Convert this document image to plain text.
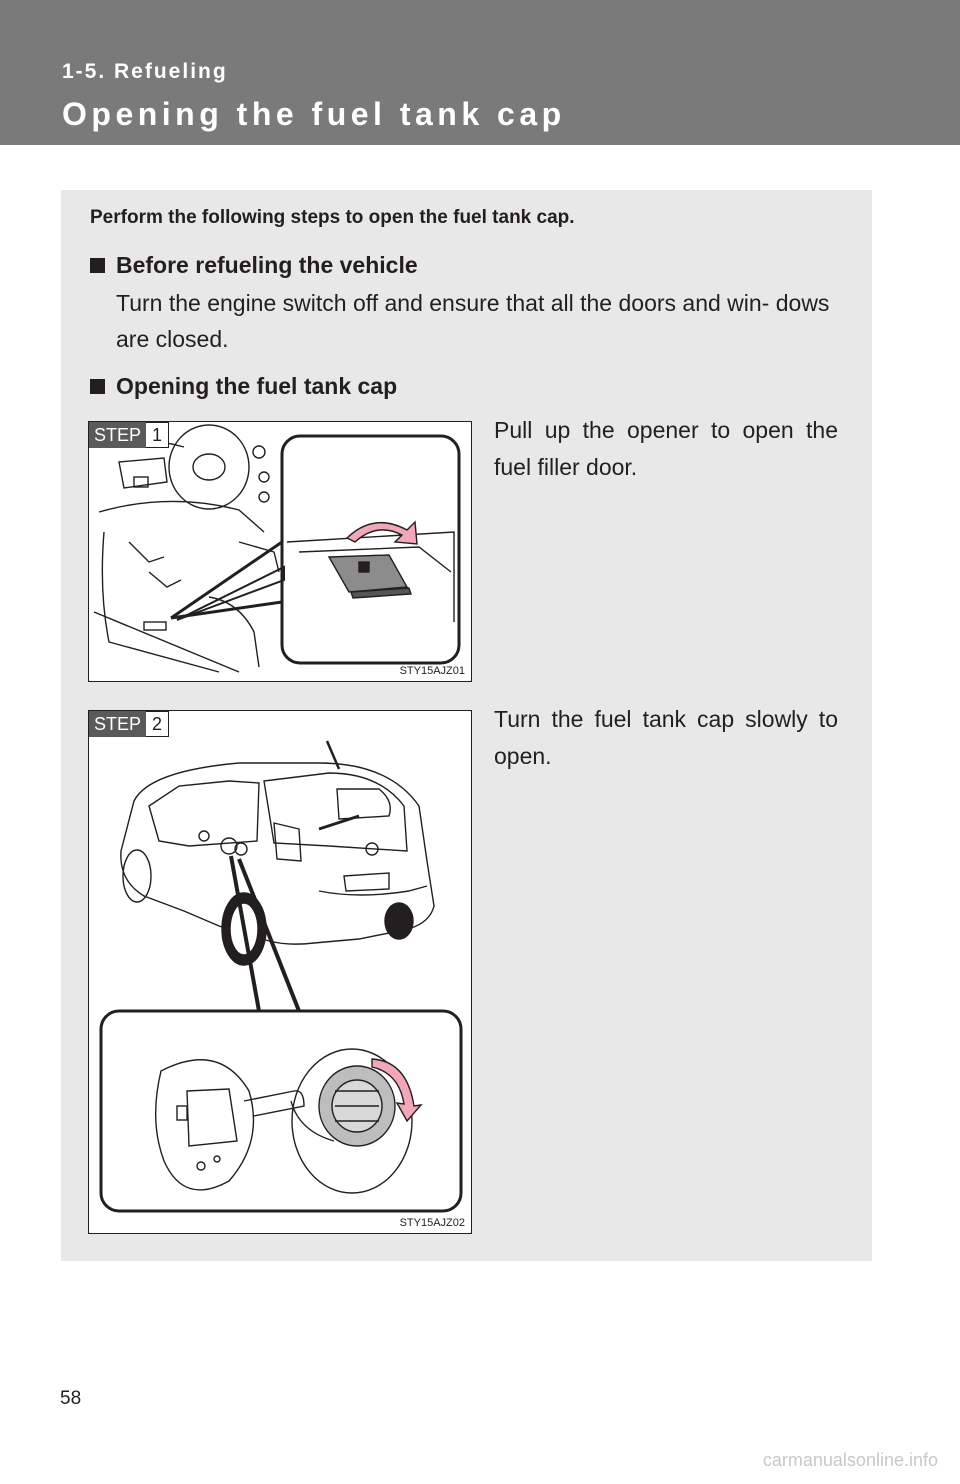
1-5. Refueling
Opening the fuel tank cap
Perform the following steps to open the fuel tank cap.
Before refueling the vehicle
Turn the engine switch off and ensure that all the doors and win- dows are closed.
Opening the fuel tank cap
STEP 1
STY15AJZ01
Pull up the opener to open the fuel filler door.
STEP 2
STY15AJZ02
Turn the fuel tank cap slowly to open.
58
carmanualsonline.info
